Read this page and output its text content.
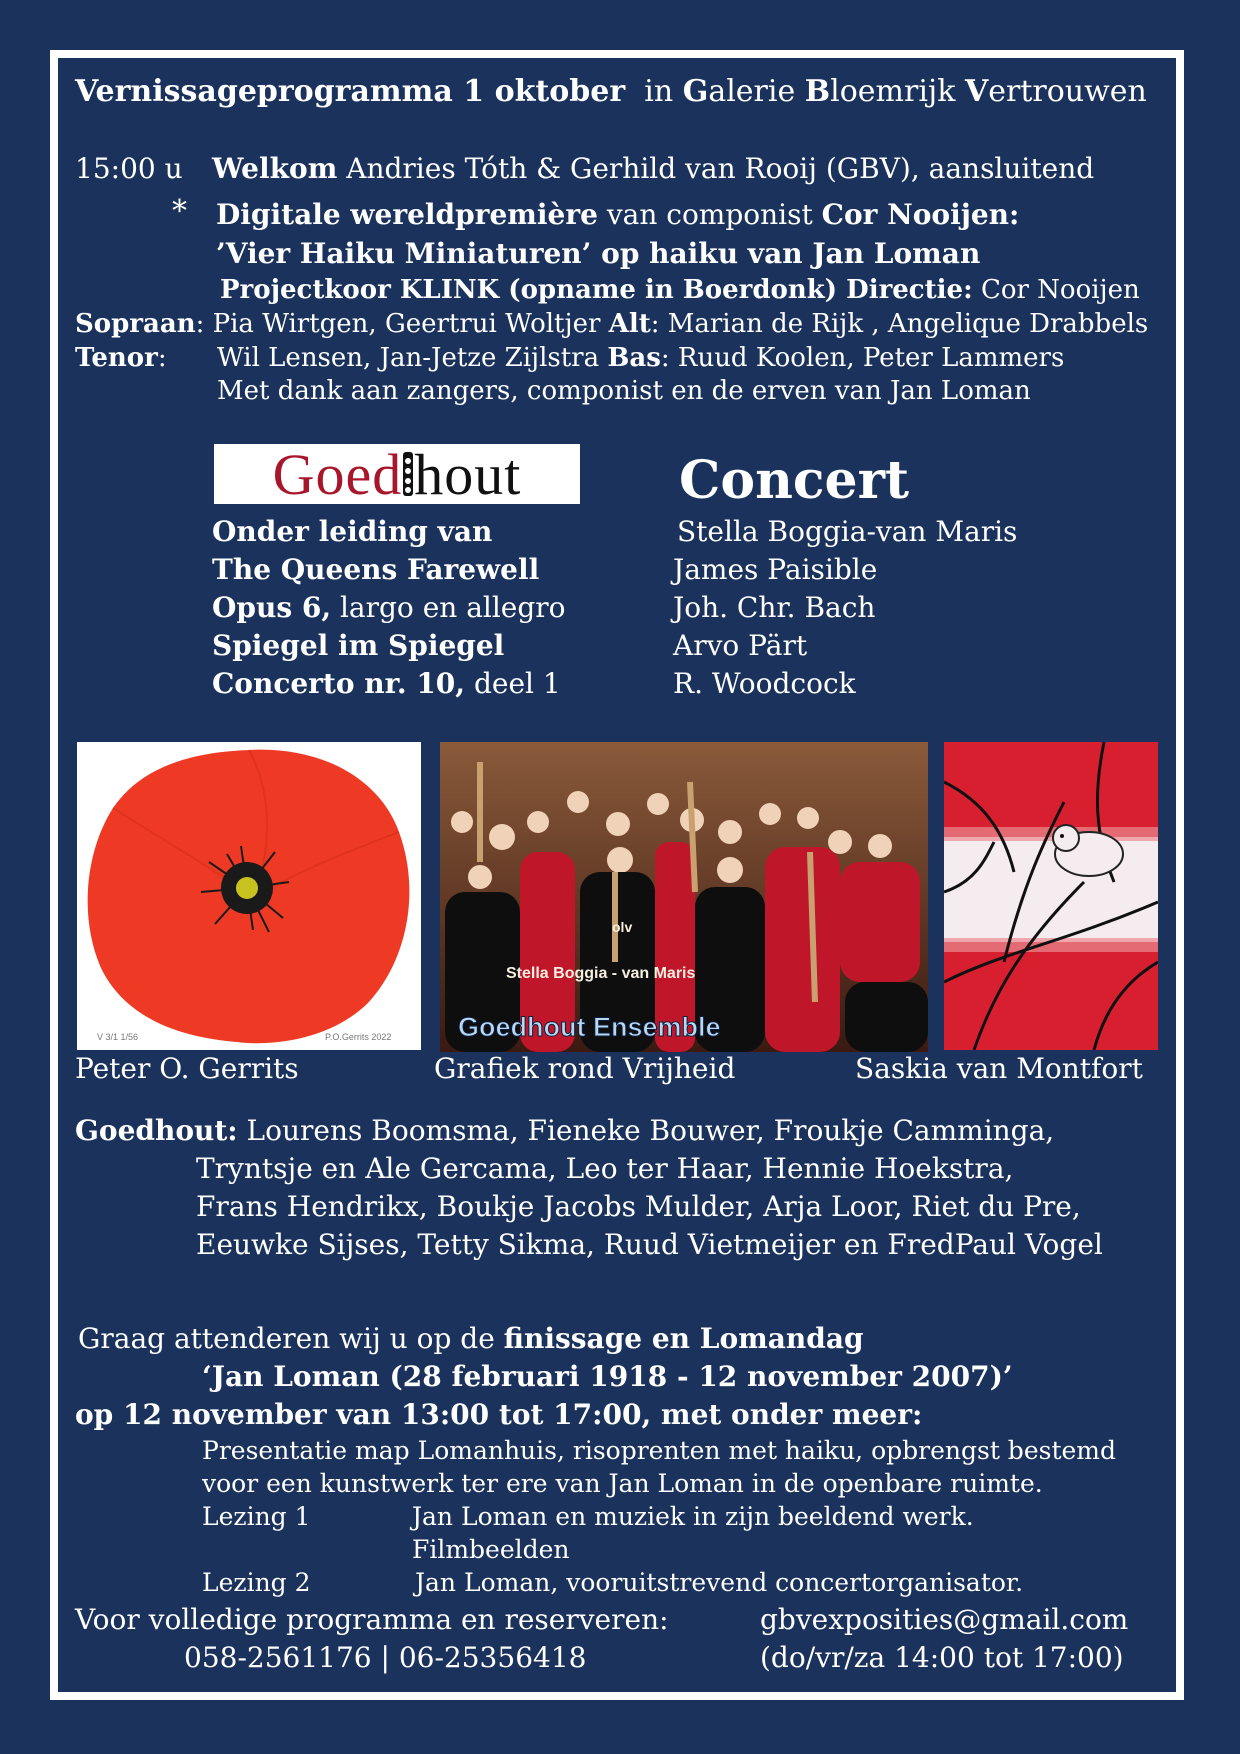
Vernissageprogramma 1 oktober in Galerie Bloemrijk Vertrouwen
15:00 u Welkom Andries Tóth & Gerhild van Rooij (GBV), aansluitend
* Digitale wereldpremière van componist Cor Nooijen:
’Vier Haiku Miniaturen’ op haiku van Jan Loman
Projectkoor KLINK (opname in Boerdonk) Directie: Cor Nooijen
Sopraan: Pia Wirtgen, Geertrui Woltjer Alt: Marian de Rijk , Angelique Drabbels
Tenor: Wil Lensen, Jan-Jetze Zijlstra Bas: Ruud Koolen, Peter Lammers
Met dank aan zangers, componist en de erven van Jan Loman
Goed hout	Concert
Onder leiding van	Stella Boggia-van Maris
The Queens Farewell	James Paisible
Opus 6, largo en allegro	Joh. Chr. Bach
Spiegel im Spiegel	Arvo Pärt
Concerto nr. 10, deel 1	R. Woodcock
V 3/1 1/56	P.O.Gerrits 2022
olv
Stella Boggia - van Maris
Goedhout Ensemble
Peter O. Gerrits	Grafiek rond Vrijheid	Saskia van Montfort
Goedhout: Lourens Boomsma, Fieneke Bouwer, Froukje Camminga,
Tryntsje en Ale Gercama, Leo ter Haar, Hennie Hoekstra,
Frans Hendrikx, Boukje Jacobs Mulder, Arja Loor, Riet du Pre,
Eeuwke Sijses, Tetty Sikma, Ruud Vietmeijer en FredPaul Vogel
Graag attenderen wij u op de finissage en Lomandag
‘Jan Loman (28 februari 1918 - 12 november 2007)’
op 12 november van 13:00 tot 17:00, met onder meer:
Presentatie map Lomanhuis, risoprenten met haiku, opbrengst bestemd
voor een kunstwerk ter ere van Jan Loman in de openbare ruimte.
Lezing 1	Jan Loman en muziek in zijn beeldend werk.
Filmbeelden
Lezing 2	Jan Loman, vooruitstrevend concertorganisator.
Voor volledige programma en reserveren:
058-2561176 | 06-25356418
gbvexposities@gmail.com
(do/vr/za 14:00 tot 17:00)
